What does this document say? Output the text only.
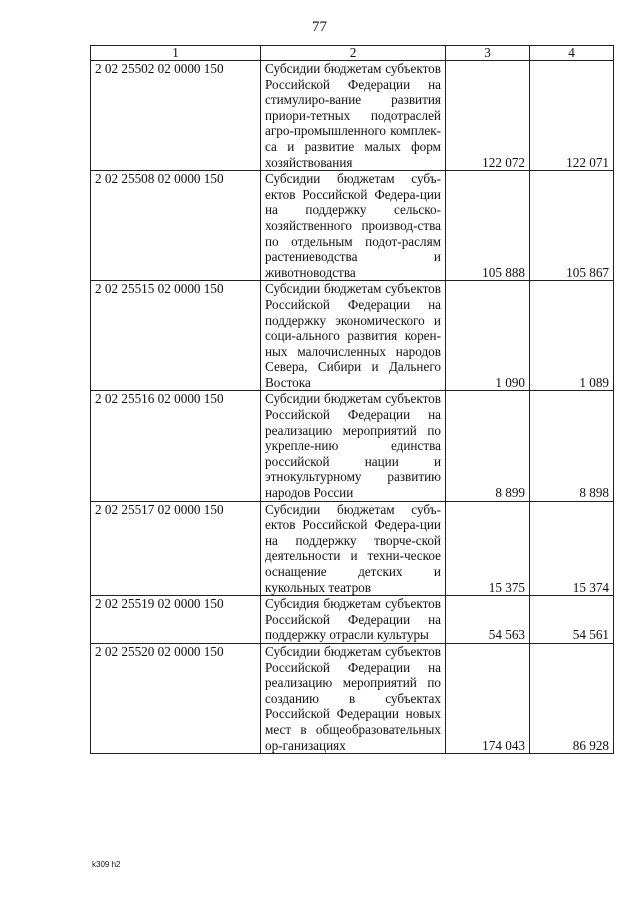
77
1	2	3	4
2 02 25502 02 0000 150	Субсидии бюджетам субъектов Российской Федерации на стимулиро-вание развития приори-тетных подотраслей агро-промышленного комплек-са и развитие малых форм хозяйствования	122 072	122 071
2 02 25508 02 0000 150	Субсидии бюджетам субъ-ектов Российской Федера-ции на поддержку сельско-хозяйственного производ-ства по отдельным подот-раслям растениеводства и животноводства	105 888	105 867
2 02 25515 02 0000 150	Субсидии бюджетам субъектов Российской Федерации на поддержку экономического и соци-ального развития корен-ных малочисленных народов Севера, Сибири и Дальнего Востока	1 090	1 089
2 02 25516 02 0000 150	Субсидии бюджетам субъектов Российской Федерации на реализацию мероприятий по укрепле-нию единства российской нации и этнокультурному развитию народов России	8 899	8 898
2 02 25517 02 0000 150	Субсидии бюджетам субъ-ектов Российской Федера-ции на поддержку творче-ской деятельности и техни-ческое оснащение детских и кукольных театров	15 375	15 374
2 02 25519 02 0000 150	Субсидия бюджетам субъектов Российской Федерации на поддержку отрасли культуры	54 563	54 561
2 02 25520 02 0000 150	Субсидии бюджетам субъектов Российской Федерации на реализацию мероприятий по созданию в субъектах Российской Федерации новых мест в общеобразовательных ор-ганизациях	174 043	86 928
k309 h2
